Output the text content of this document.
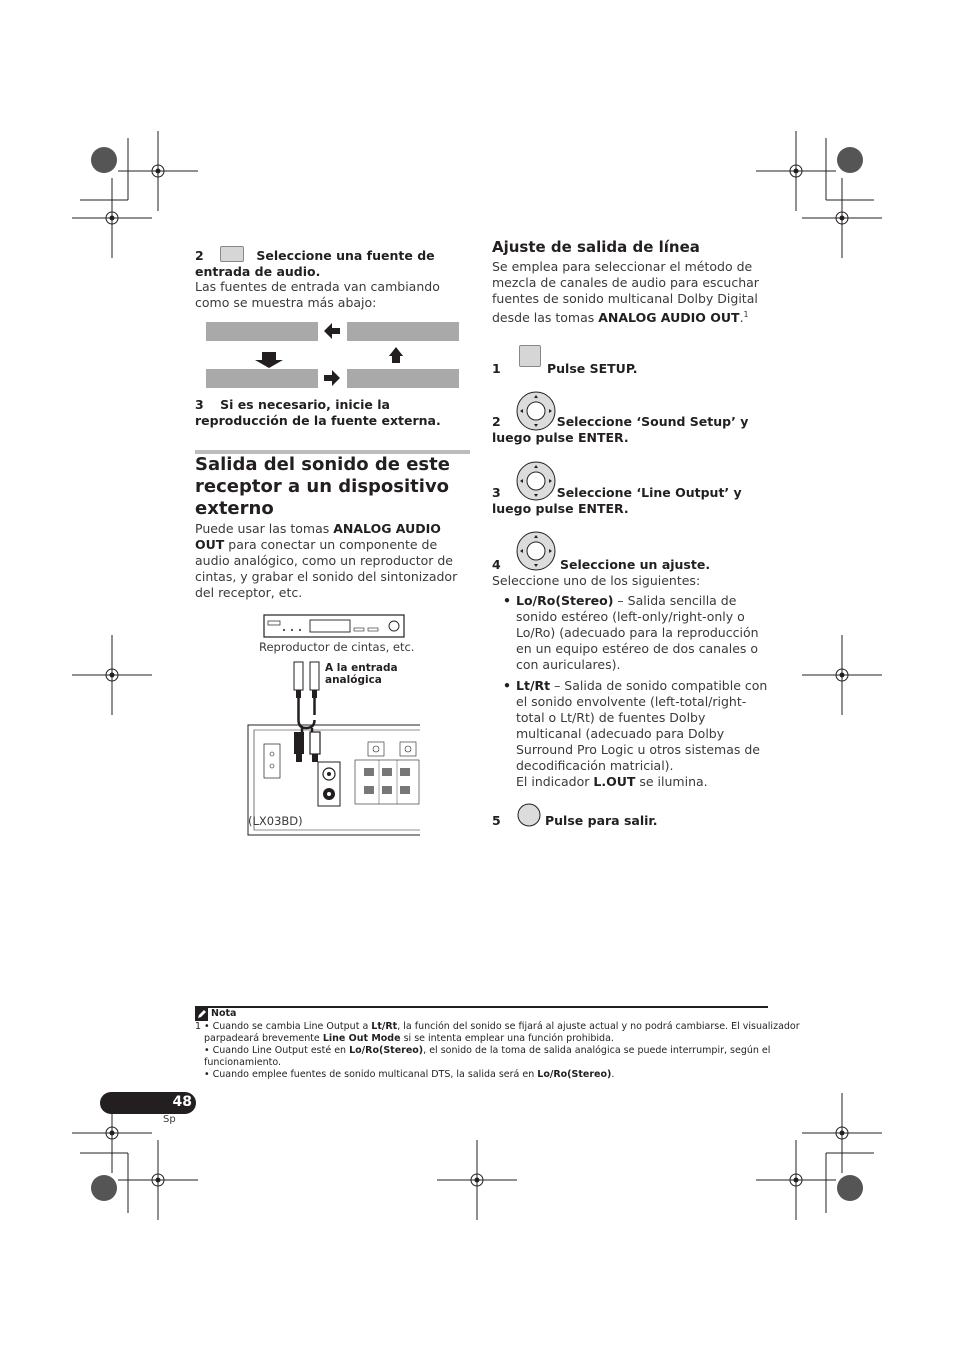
2	Seleccione una fuente de entrada de audio.
Las fuentes de entrada van cambiando como se muestra más abajo:
3 Si es necesario, inicie la reproducción de la fuente externa.
Salida del sonido de este receptor a un dispositivo externo
Puede usar las tomas ANALOG AUDIO OUT para conectar un componente de audio analógico, como un reproductor de cintas, y grabar el sonido del sintonizador del receptor, etc.
Reproductor de cintas, etc.
A la entrada analógica
(LX03BD)
Ajuste de salida de línea
Se emplea para seleccionar el método de mezcla de canales de audio para escuchar fuentes de sonido multicanal Dolby Digital desde las tomas ANALOG AUDIO OUT.$^1$
1	Pulse SETUP.
2	Seleccione ‘Sound Setup’ y luego pulse ENTER.
3	Seleccione ‘Line Output’ y luego pulse ENTER.
4	Seleccione un ajuste.
Seleccione uno de los siguientes:
• Lo/Ro(Stereo) – Salida sencilla de sonido estéreo (left-only/right-only o Lo/Ro) (adecuado para la reproducción en un equipo estéreo de dos canales o con auriculares).
• Lt/Rt – Salida de sonido compatible con el sonido envolvente (left-total/right-total o Lt/Rt) de fuentes Dolby multicanal (adecuado para Dolby Surround Pro Logic u otros sistemas de decodificación matricial).
El indicador L.OUT se ilumina.
5	Pulse para salir.
Nota
1 • Cuando se cambia Line Output a Lt/Rt, la función del sonido se fijará al ajuste actual y no podrá cambiarse. El visualizador
parpadeará brevemente Line Out Mode si se intenta emplear una función prohibida.
• Cuando Line Output esté en Lo/Ro(Stereo), el sonido de la toma de salida analógica se puede interrumpir, según el
funcionamiento.
• Cuando emplee fuentes de sonido multicanal DTS, la salida será en Lo/Ro(Stereo).
48
Sp
